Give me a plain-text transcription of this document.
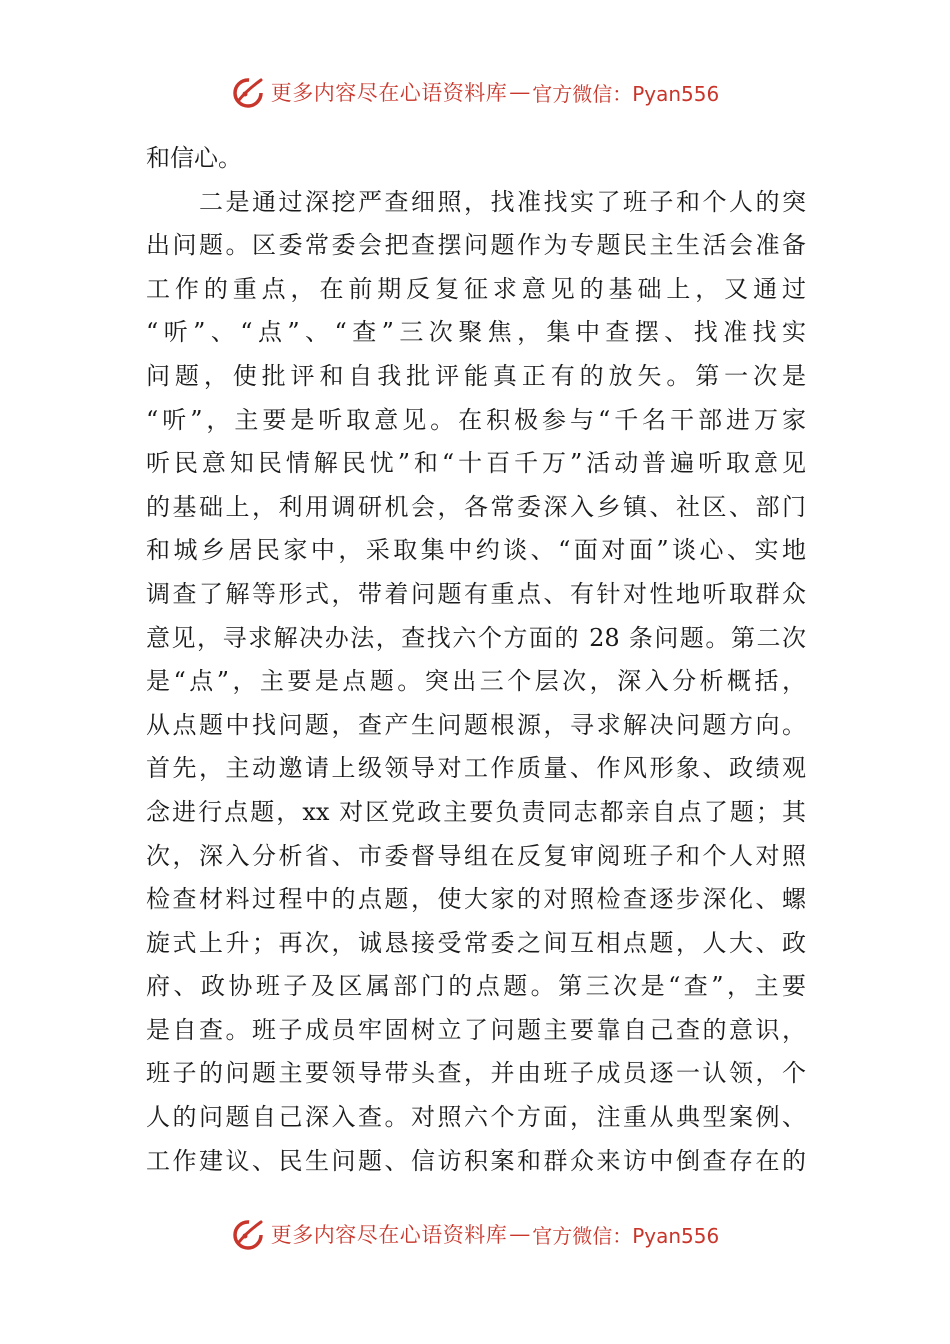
更多内容尽在心语资料库 — 官方微信：Pyan556
和信心。
　　二是通过深挖严查细照，找准找实了班子和个人的突
出问题。区委常委会把查摆问题作为专题民主生活会准备
工作的重点，在前期反复征求意见的基础上，又通过
“听”、“点”、“查”三次聚焦，集中查摆、找准找实
问题，使批评和自我批评能真正有的放矢。第一次是
“听”，主要是听取意见。在积极参与“千名干部进万家
听民意知民情解民忧”和“十百千万”活动普遍听取意见
的基础上，利用调研机会，各常委深入乡镇、社区、部门
和城乡居民家中，采取集中约谈、“面对面”谈心、实地
调查了解等形式，带着问题有重点、有针对性地听取群众
意见，寻求解决办法，查找六个方面的 28 条问题。第二次
是“点”，主要是点题。突出三个层次，深入分析概括，
从点题中找问题，查产生问题根源，寻求解决问题方向。
首先，主动邀请上级领导对工作质量、作风形象、政绩观
念进行点题，xx 对区党政主要负责同志都亲自点了题；其
次，深入分析省、市委督导组在反复审阅班子和个人对照
检查材料过程中的点题，使大家的对照检查逐步深化、螺
旋式上升；再次，诚恳接受常委之间互相点题，人大、政
府、政协班子及区属部门的点题。第三次是“查”，主要
是自查。班子成员牢固树立了问题主要靠自己查的意识，
班子的问题主要领导带头查，并由班子成员逐一认领，个
人的问题自己深入查。对照六个方面，注重从典型案例、
工作建议、民生问题、信访积案和群众来访中倒查存在的
更多内容尽在心语资料库 — 官方微信：Pyan556
